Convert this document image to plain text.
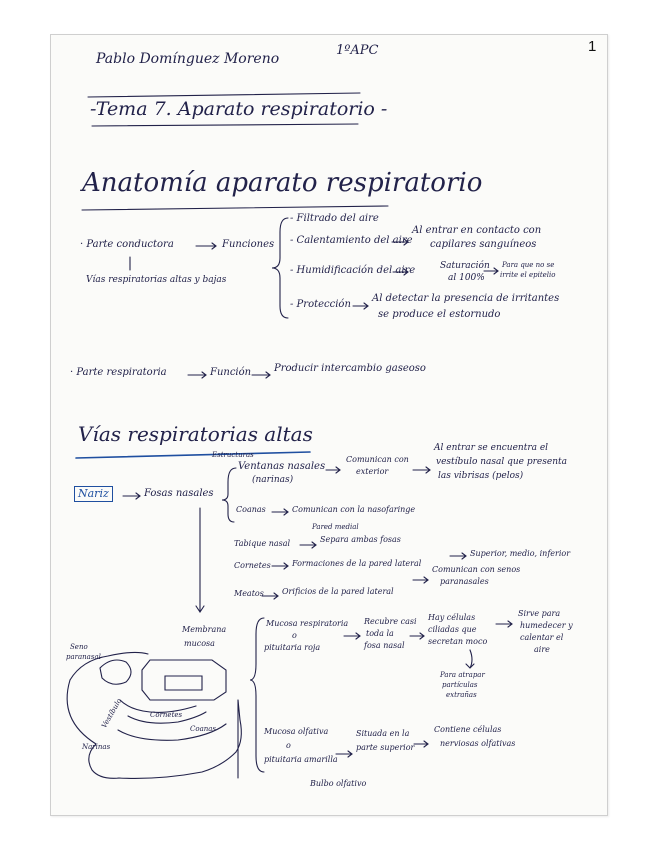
1
Pablo Domínguez Moreno
1ºAPC
-Tema 7. Aparato respiratorio -
Anatomía aparato respiratorio
· Parte conductora	Funciones
Vías respiratorias altas y bajas
- Filtrado del aire
- Calentamiento del aire
Al entrar en contacto con
capilares sanguíneos
- Humidificación del aire	Saturación
al 100%
Para que no se
irrite el epitelio
- Protección
Al detectar la presencia de irritantes
se produce el estornudo
· Parte respiratoria	Función Producir intercambio gaseoso
Vías respiratorias altas
Estructuras
Nariz	Fosas nasales
Ventanas nasales
(narinas)
Comunican con
exterior
Al entrar se encuentra el
vestíbulo nasal que presenta
las vibrisas (pelos)
Coanas	Comunican con la nasofaringe
Pared medial
Tabique nasal	Separa ambas fosas
Cornetes	Formaciones de la pared lateral
Superior, medio, inferior
Meatos Orificios de la pared lateral
Comunican con senos
paranasales
Membrana
mucosa
Mucosa respiratoria
o
pituitaria roja
Recubre casi
toda la
fosa nasal
Hay células
ciliadas que
secretan moco
Para atrapar
partículas
extrañas
Sirve para
humedecer y
calentar el
aire
Mucosa olfativa
o
pituitaria amarilla
Situada en la
parte superior
Contiene células
nerviosas olfativas
Bulbo olfativo
Seno
paranasal
Vestíbulo	Cornetes
Coanas
Narinas
